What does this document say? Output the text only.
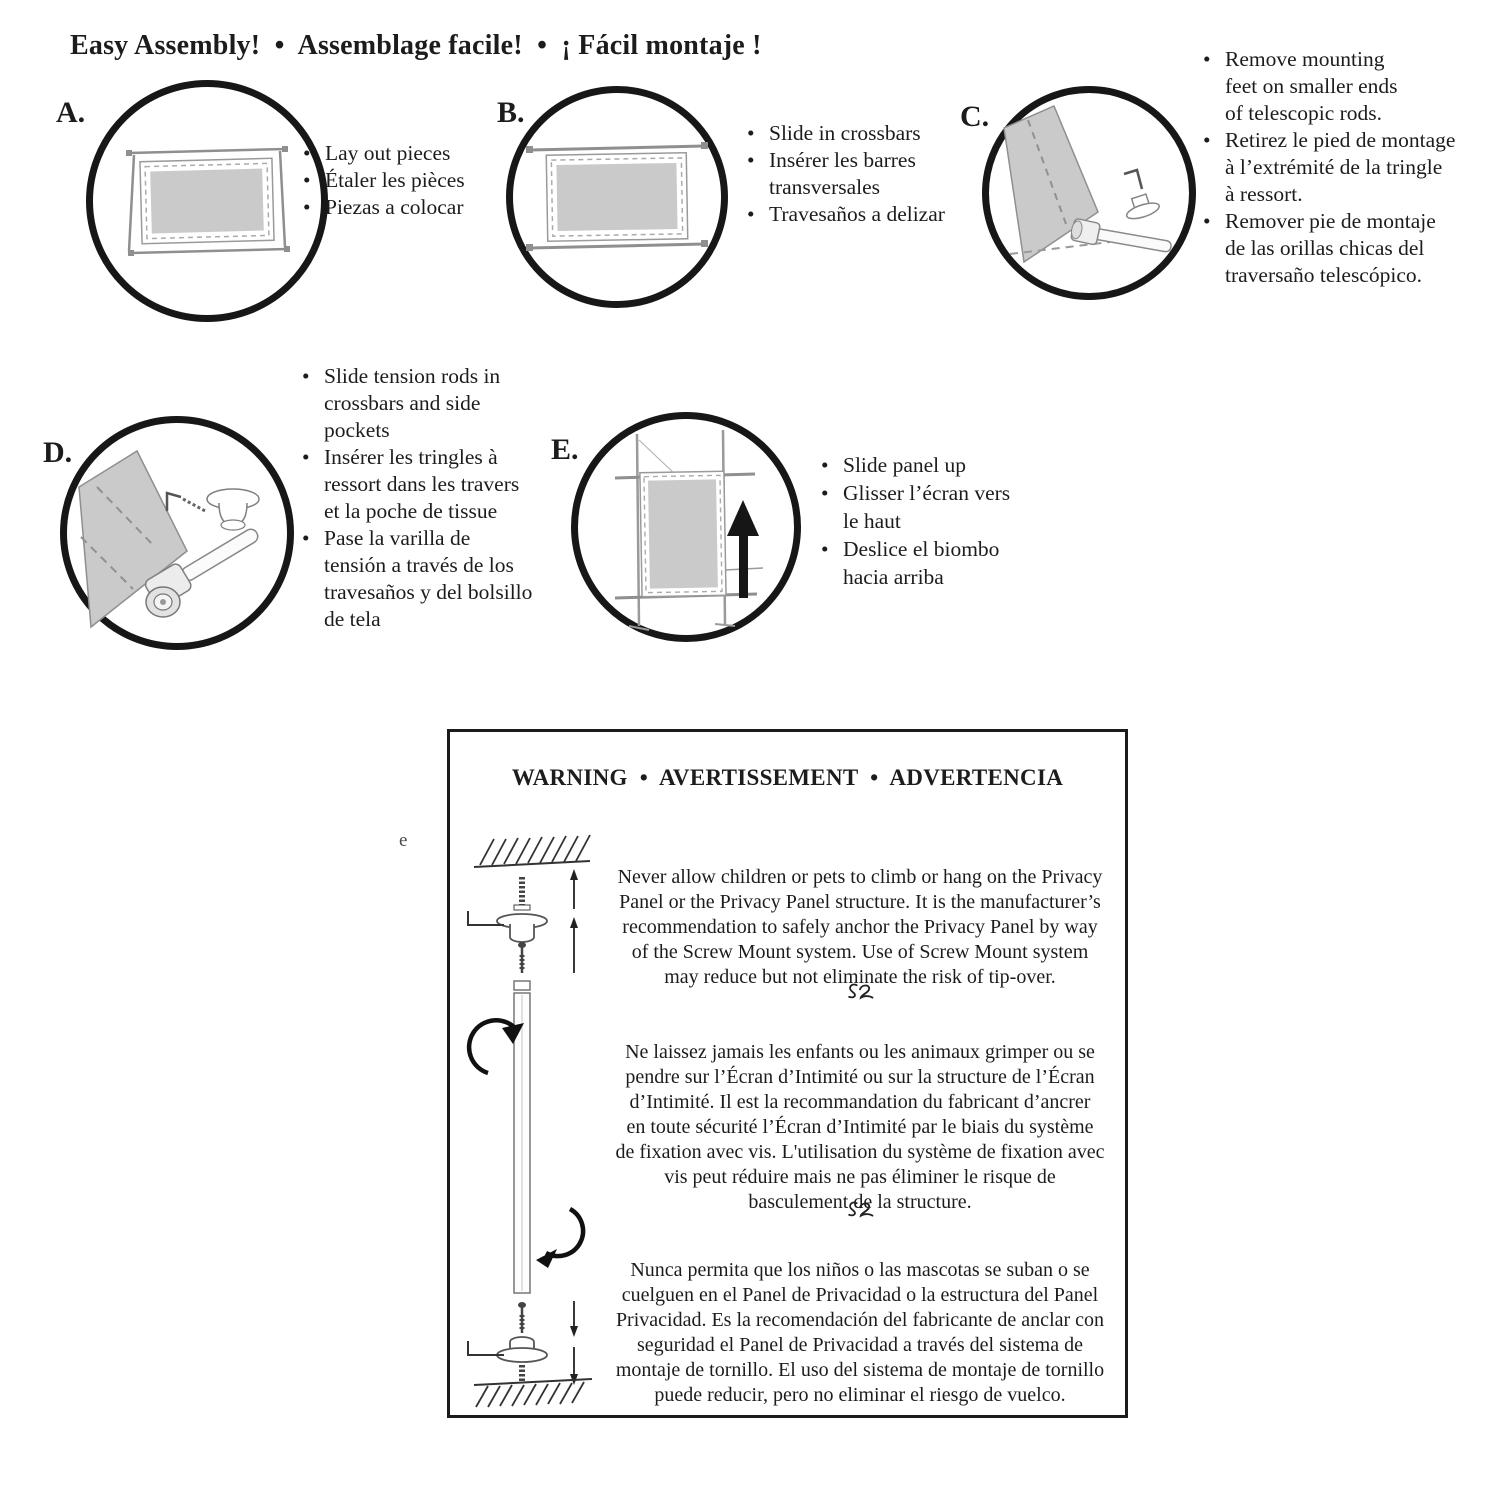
Easy Assembly!  •  Assemblage facile!  •  ¡ Fácil montaje !
A.
• Lay out pieces
• Étaler les pièces
• Piezas a colocar
B.
• Slide in crossbars
• Insérer les barres
transversales
• Travesaños a delizar
C.
• Remove mounting
feet on smaller ends
of telescopic rods.
• Retirez le pied de montage
à l’extrémité de la tringle
à ressort.
• Remover pie de montaje
de las orillas chicas del
traversaño telescópico.
D.
• Slide tension rods in
crossbars and side
pockets
• Insérer les tringles à
ressort dans les travers
et la poche de tissue
• Pase la varilla de
tensión a través de los
travesaños y del bolsillo
de tela
E.	• Slide panel up
• Glisser l’écran vers
le haut
• Deslice el biombo
hacia arriba
e
WARNING  •  AVERTISSEMENT  •  ADVERTENCIA

Never allow children or pets to climb or hang on the Privacy
Panel or the Privacy Panel structure. It is the manufacturer’s
recommendation to safely anchor the Privacy Panel by way
of the Screw Mount system. Use of Screw Mount system
may reduce but not eliminate the risk of tip-over.

Ne laissez jamais les enfants ou les animaux grimper ou se
pendre sur l’Écran d’Intimité ou sur la structure de l’Écran
d’Intimité. Il est la recommandation du fabricant d’ancrer
en toute sécurité l’Écran d’Intimité par le biais du système
de fixation avec vis. L'utilisation du système de fixation avec
vis peut réduire mais ne pas éliminer le risque de
basculement de la structure.

Nunca permita que los niños o las mascotas se suban o se
cuelguen en el Panel de Privacidad o la estructura del Panel
Privacidad. Es la recomendación del fabricante de anclar con
seguridad el Panel de Privacidad a través del sistema de
montaje de tornillo. El uso del sistema de montaje de tornillo
puede reducir, pero no eliminar el riesgo de vuelco.
